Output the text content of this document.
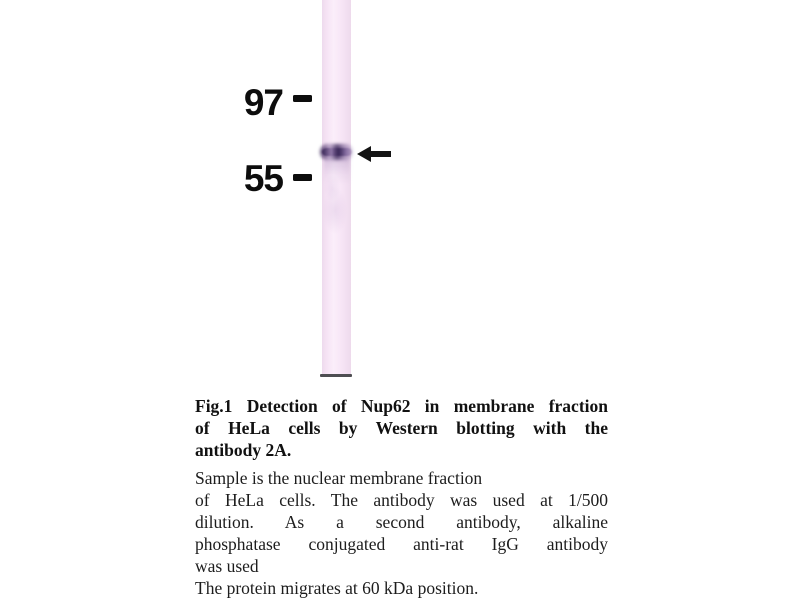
97
55
Fig.1 Detection of Nup62 in membrane fraction
of HeLa cells by Western blotting with the
antibody 2A.
Sample is the nuclear membrane fraction
of HeLa cells. The antibody was used at 1/500
dilution. As a second antibody, alkaline
phosphatase conjugated anti-rat IgG antibody
was used
The protein migrates at 60 kDa position.
